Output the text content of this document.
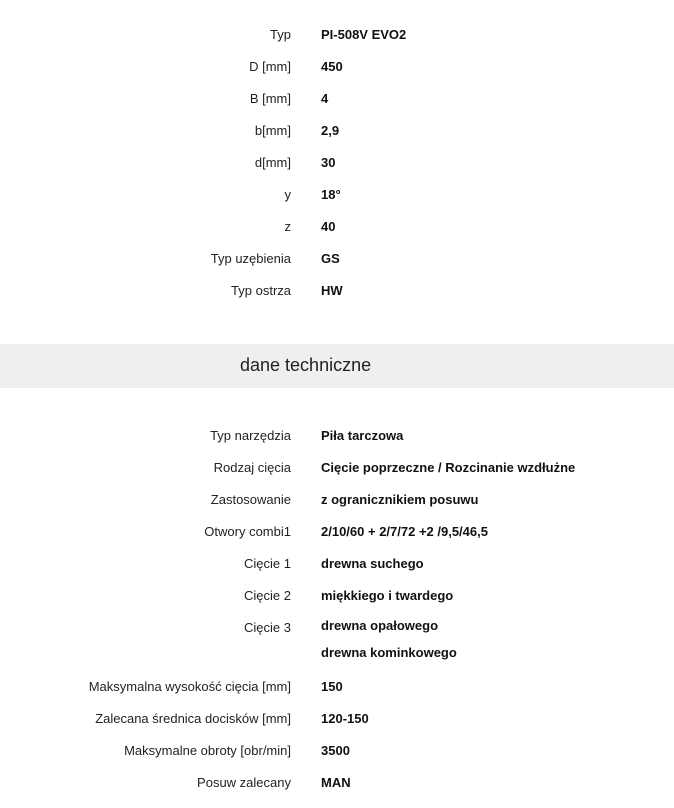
Typ PI-508V EVO2
D [mm] 450
B [mm] 4
b[mm] 2,9
d[mm] 30
y 18°
z 40
Typ uzębienia GS
Typ ostrza HW
dane techniczne
Typ narzędzia Piła tarczowa
Rodzaj cięcia Cięcie poprzeczne / Rozcinanie wzdłużne
Zastosowanie z ogranicznikiem posuwu
Otwory combi1 2/10/60 + 2/7/72 +2 /9,5/46,5
Cięcie 1 drewna suchego
Cięcie 2 miękkiego i twardego
Cięcie 3 drewna opałowego
drewna kominkowego
Maksymalna wysokość cięcia [mm] 150
Zalecana średnica docisków [mm] 120-150
Maksymalne obroty [obr/min] 3500
Posuw zalecany MAN
